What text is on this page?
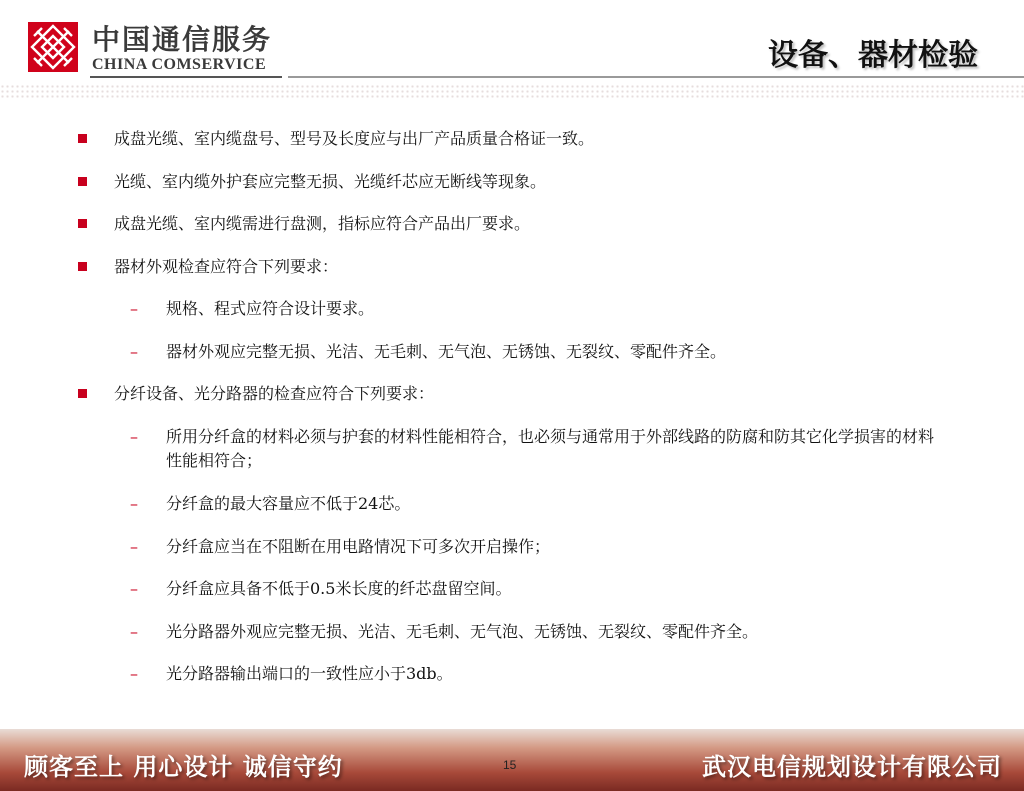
中国通信服务
CHINA COMSERVICE	设备、器材检验
成盘光缆、室内缆盘号、型号及长度应与出厂产品质量合格证一致。
光缆、室内缆外护套应完整无损、光缆纤芯应无断线等现象。
成盘光缆、室内缆需进行盘测，指标应符合产品出厂要求。
器材外观检查应符合下列要求：
– 规格、程式应符合设计要求。
– 器材外观应完整无损、光洁、无毛刺、无气泡、无锈蚀、无裂纹、零配件齐全。
分纤设备、光分路器的检查应符合下列要求：
– 所用分纤盒的材料必须与护套的材料性能相符合，也必须与通常用于外部线路的防腐和防其它化学损害的材料性能相符合；
– 分纤盒的最大容量应不低于24芯。
– 分纤盒应当在不阻断在用电路情况下可多次开启操作；
– 分纤盒应具备不低于0.5米长度的纤芯盘留空间。
– 光分路器外观应完整无损、光洁、无毛刺、无气泡、无锈蚀、无裂纹、零配件齐全。
– 光分路器输出端口的一致性应小于3db。
顾客至上 用心设计 诚信守约	15	武汉电信规划设计有限公司
